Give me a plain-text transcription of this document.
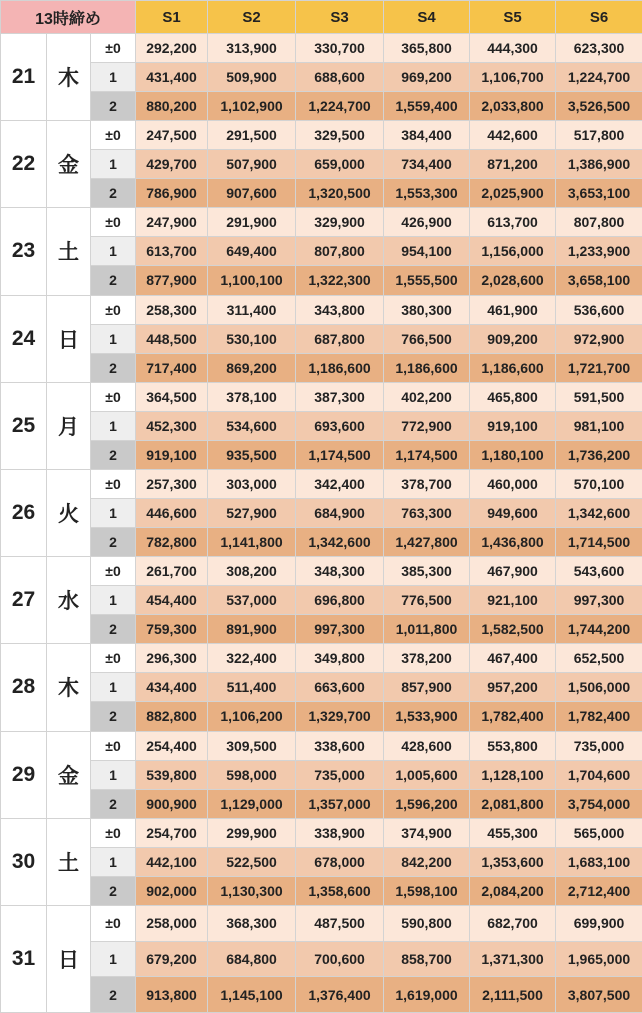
13時締め			S1	S2	S3	S4	S5	S6
21	木	±0	292,200	313,900	330,700	365,800	444,300	623,300
		1	431,400	509,900	688,600	969,200	1,106,700	1,224,700
		2	880,200	1,102,900	1,224,700	1,559,400	2,033,800	3,526,500
22	金	±0	247,500	291,500	329,500	384,400	442,600	517,800
		1	429,700	507,900	659,000	734,400	871,200	1,386,900
		2	786,900	907,600	1,320,500	1,553,300	2,025,900	3,653,100
23	土	±0	247,900	291,900	329,900	426,900	613,700	807,800
		1	613,700	649,400	807,800	954,100	1,156,000	1,233,900
		2	877,900	1,100,100	1,322,300	1,555,500	2,028,600	3,658,100
24	日	±0	258,300	311,400	343,800	380,300	461,900	536,600
		1	448,500	530,100	687,800	766,500	909,200	972,900
		2	717,400	869,200	1,186,600	1,186,600	1,186,600	1,721,700
25	月	±0	364,500	378,100	387,300	402,200	465,800	591,500
		1	452,300	534,600	693,600	772,900	919,100	981,100
		2	919,100	935,500	1,174,500	1,174,500	1,180,100	1,736,200
26	火	±0	257,300	303,000	342,400	378,700	460,000	570,100
		1	446,600	527,900	684,900	763,300	949,600	1,342,600
		2	782,800	1,141,800	1,342,600	1,427,800	1,436,800	1,714,500
27	水	±0	261,700	308,200	348,300	385,300	467,900	543,600
		1	454,400	537,000	696,800	776,500	921,100	997,300
		2	759,300	891,900	997,300	1,011,800	1,582,500	1,744,200
28	木	±0	296,300	322,400	349,800	378,200	467,400	652,500
		1	434,400	511,400	663,600	857,900	957,200	1,506,000
		2	882,800	1,106,200	1,329,700	1,533,900	1,782,400	1,782,400
29	金	±0	254,400	309,500	338,600	428,600	553,800	735,000
		1	539,800	598,000	735,000	1,005,600	1,128,100	1,704,600
		2	900,900	1,129,000	1,357,000	1,596,200	2,081,800	3,754,000
30	土	±0	254,700	299,900	338,900	374,900	455,300	565,000
		1	442,100	522,500	678,000	842,200	1,353,600	1,683,100
		2	902,000	1,130,300	1,358,600	1,598,100	2,084,200	2,712,400
31	日	±0	258,000	368,300	487,500	590,800	682,700	699,900
		1	679,200	684,800	700,600	858,700	1,371,300	1,965,000
		2	913,800	1,145,100	1,376,400	1,619,000	2,111,500	3,807,500
